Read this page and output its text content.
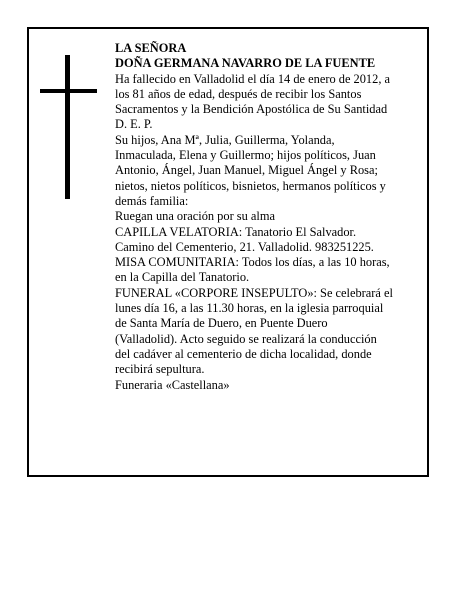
LA SEÑORA
DOÑA GERMANA NAVARRO DE LA FUENTE
Ha fallecido en Valladolid el día 14 de enero de 2012, a
los 81 años de edad, después de recibir los Santos
Sacramentos y la Bendición Apostólica de Su Santidad
D. E. P.
Su hijos, Ana Mª, Julia, Guillerma, Yolanda,
Inmaculada, Elena y Guillermo; hijos políticos, Juan
Antonio, Ángel, Juan Manuel, Miguel Ángel y Rosa;
nietos, nietos políticos, bisnietos, hermanos políticos y
demás familia:
Ruegan una oración por su alma
CAPILLA VELATORIA: Tanatorio El Salvador.
Camino del Cementerio, 21. Valladolid. 983251225.
MISA COMUNITARIA: Todos los días, a las 10 horas,
en la Capilla del Tanatorio.
FUNERAL «CORPORE INSEPULTO»: Se celebrará el
lunes día 16, a las 11.30 horas, en la iglesia parroquial
de Santa María de Duero, en Puente Duero
(Valladolid). Acto seguido se realizará la conducción
del cadáver al cementerio de dicha localidad, donde
recibirá sepultura.
Funeraria «Castellana»
